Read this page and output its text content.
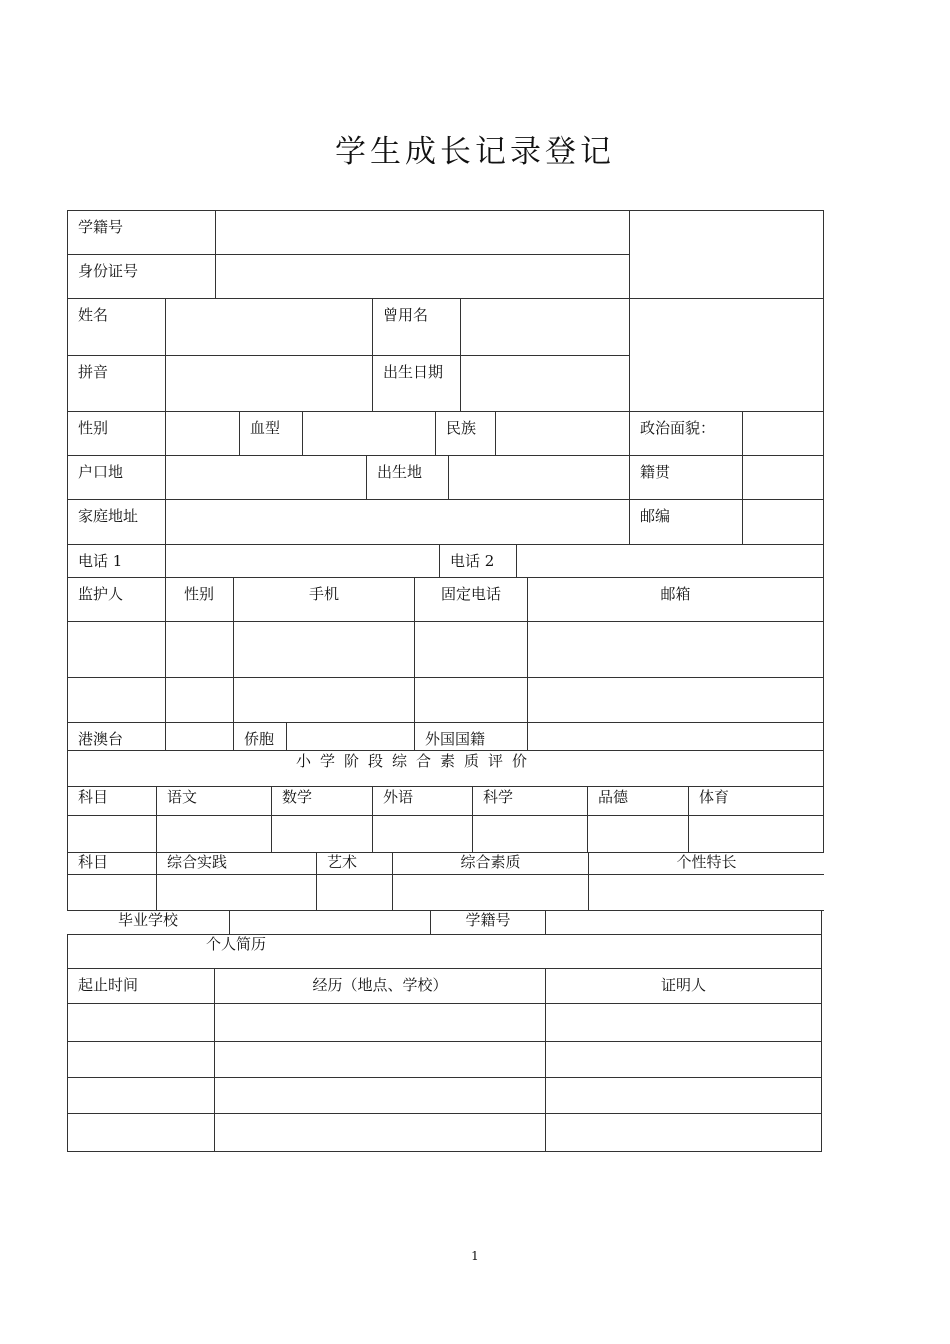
学生成长记录登记
学籍号
身份证号
姓名	曾用名
拼音	出生日期
性别	血型	民族	政治面貌：
户口地	出生地	籍贯
家庭地址	邮编
电话 1	电话 2
监护人	性别	手机	固定电话	邮箱
港澳台	侨胞	外国国籍
小学阶段综合素质评价
科目	语文	数学	外语	科学	品德	体育
科目	综合实践	艺术	综合素质	个性特长
毕业学校	学籍号
个人简历
起止时间	经历（地点、学校）	证明人
1
